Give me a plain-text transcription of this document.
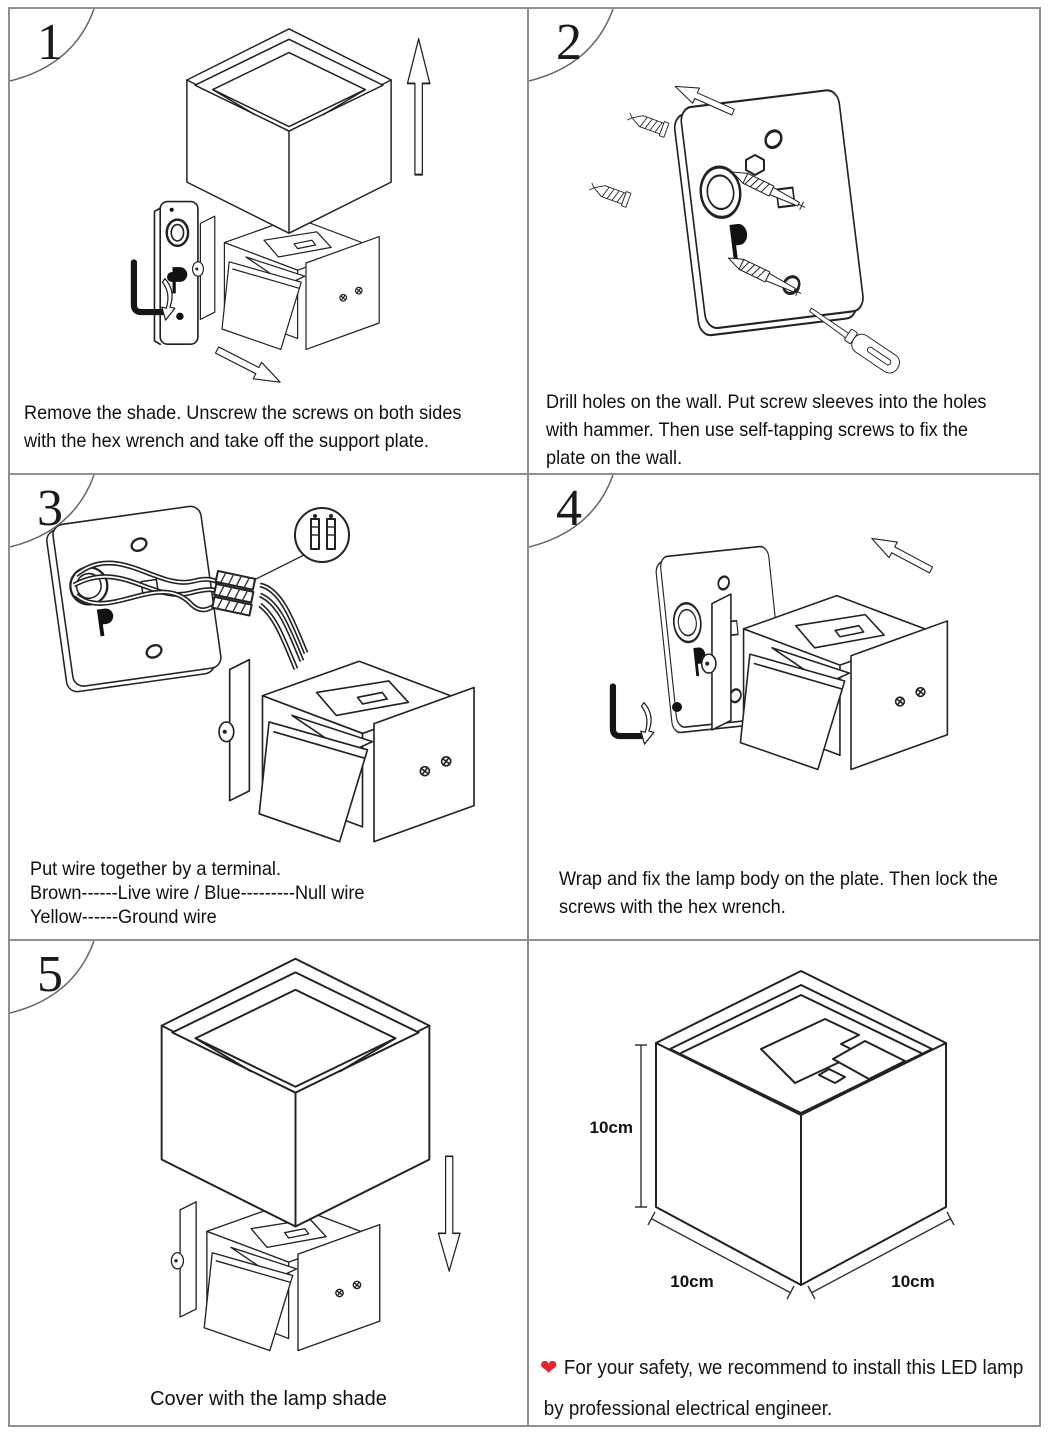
1
Remove the shade. Unscrew the screws on both sides
with the hex wrench and take off the support plate.
2
Drill holes on the wall. Put screw sleeves into the holes
with hammer. Then use self-tapping screws to fix the
plate on the wall.
3
Put wire together by a terminal.
Brown------Live wire / Blue---------Null wire
Yellow------Ground wire
4
Wrap and fix the lamp body on the plate. Then lock the
screws with the hex wrench.
5
Cover with the lamp shade
10cm
10cm	10cm
❤ For your safety, we recommend to install this LED lamp
by professional electrical engineer.
